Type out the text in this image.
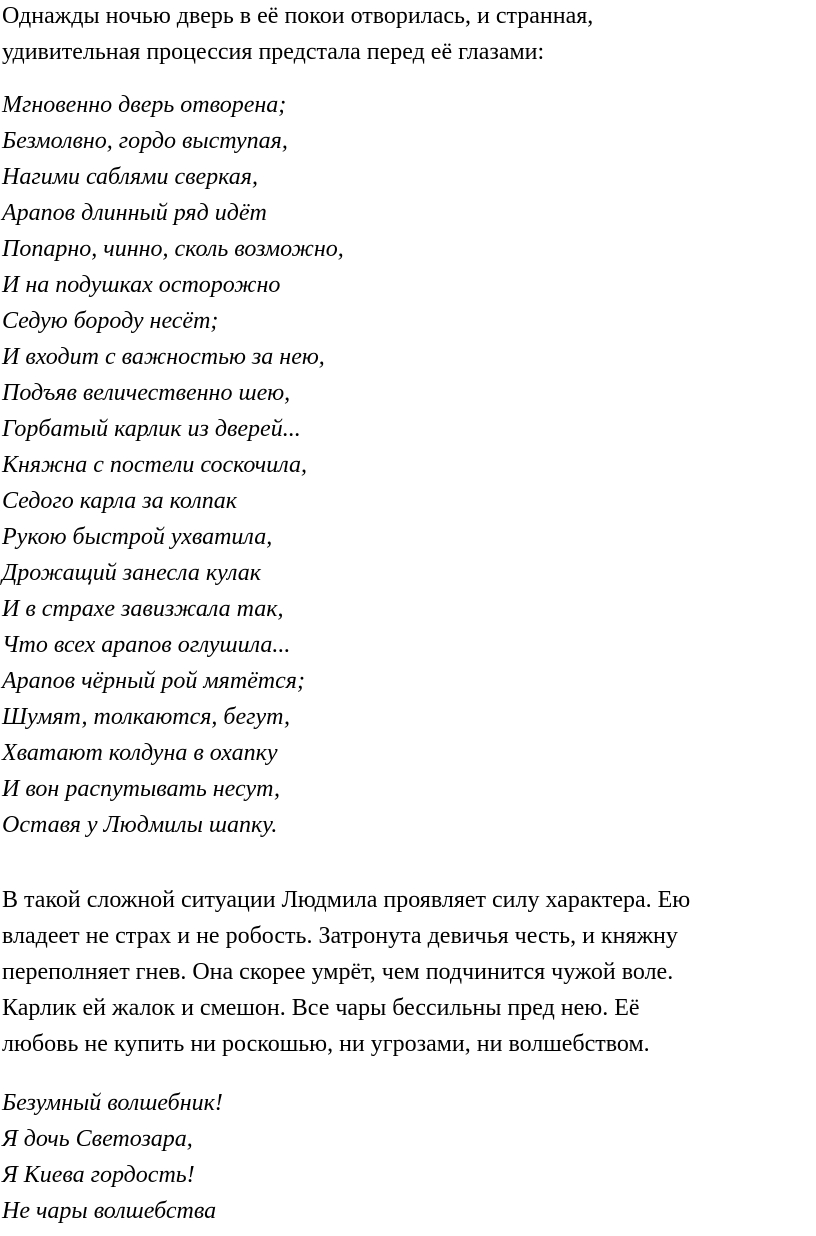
Однажды ночью дверь в её покои отворилась, и странная,
удивительная процессия предстала перед её глазами:

Мгновенно дверь отворена;
Безмолвно, гордо выступая,
Нагими саблями сверкая,
Арапов длинный ряд идёт
Попарно, чинно, сколь возможно,
И на подушках осторожно
Седую бороду несёт;
И входит с важностью за нею,
Подъяв величественно шею,
Горбатый карлик из дверей...
Княжна с постели соскочила,
Седого карла за колпак
Рукою быстрой ухватила,
Дрожащий занесла кулак
И в страхе завизжала так,
Что всех арапов оглушила...
Арапов чёрный рой мятётся;
Шумят, толкаются, бегут,
Хватают колдуна в охапку
И вон распутывать несут,
Оставя у Людмилы шапку.

В такой сложной ситуации Людмила проявляет силу характера. Ею
владеет не страх и не робость. Затронута девичья честь, и княжну
переполняет гнев. Она скорее умрёт, чем подчинится чужой воле.
Карлик ей жалок и смешон. Все чары бессильны пред нею. Её
любовь не купить ни роскошью, ни угрозами, ни волшебством.

Безумный волшебник!
Я дочь Светозара,
Я Киева гордость!
Не чары волшебства
